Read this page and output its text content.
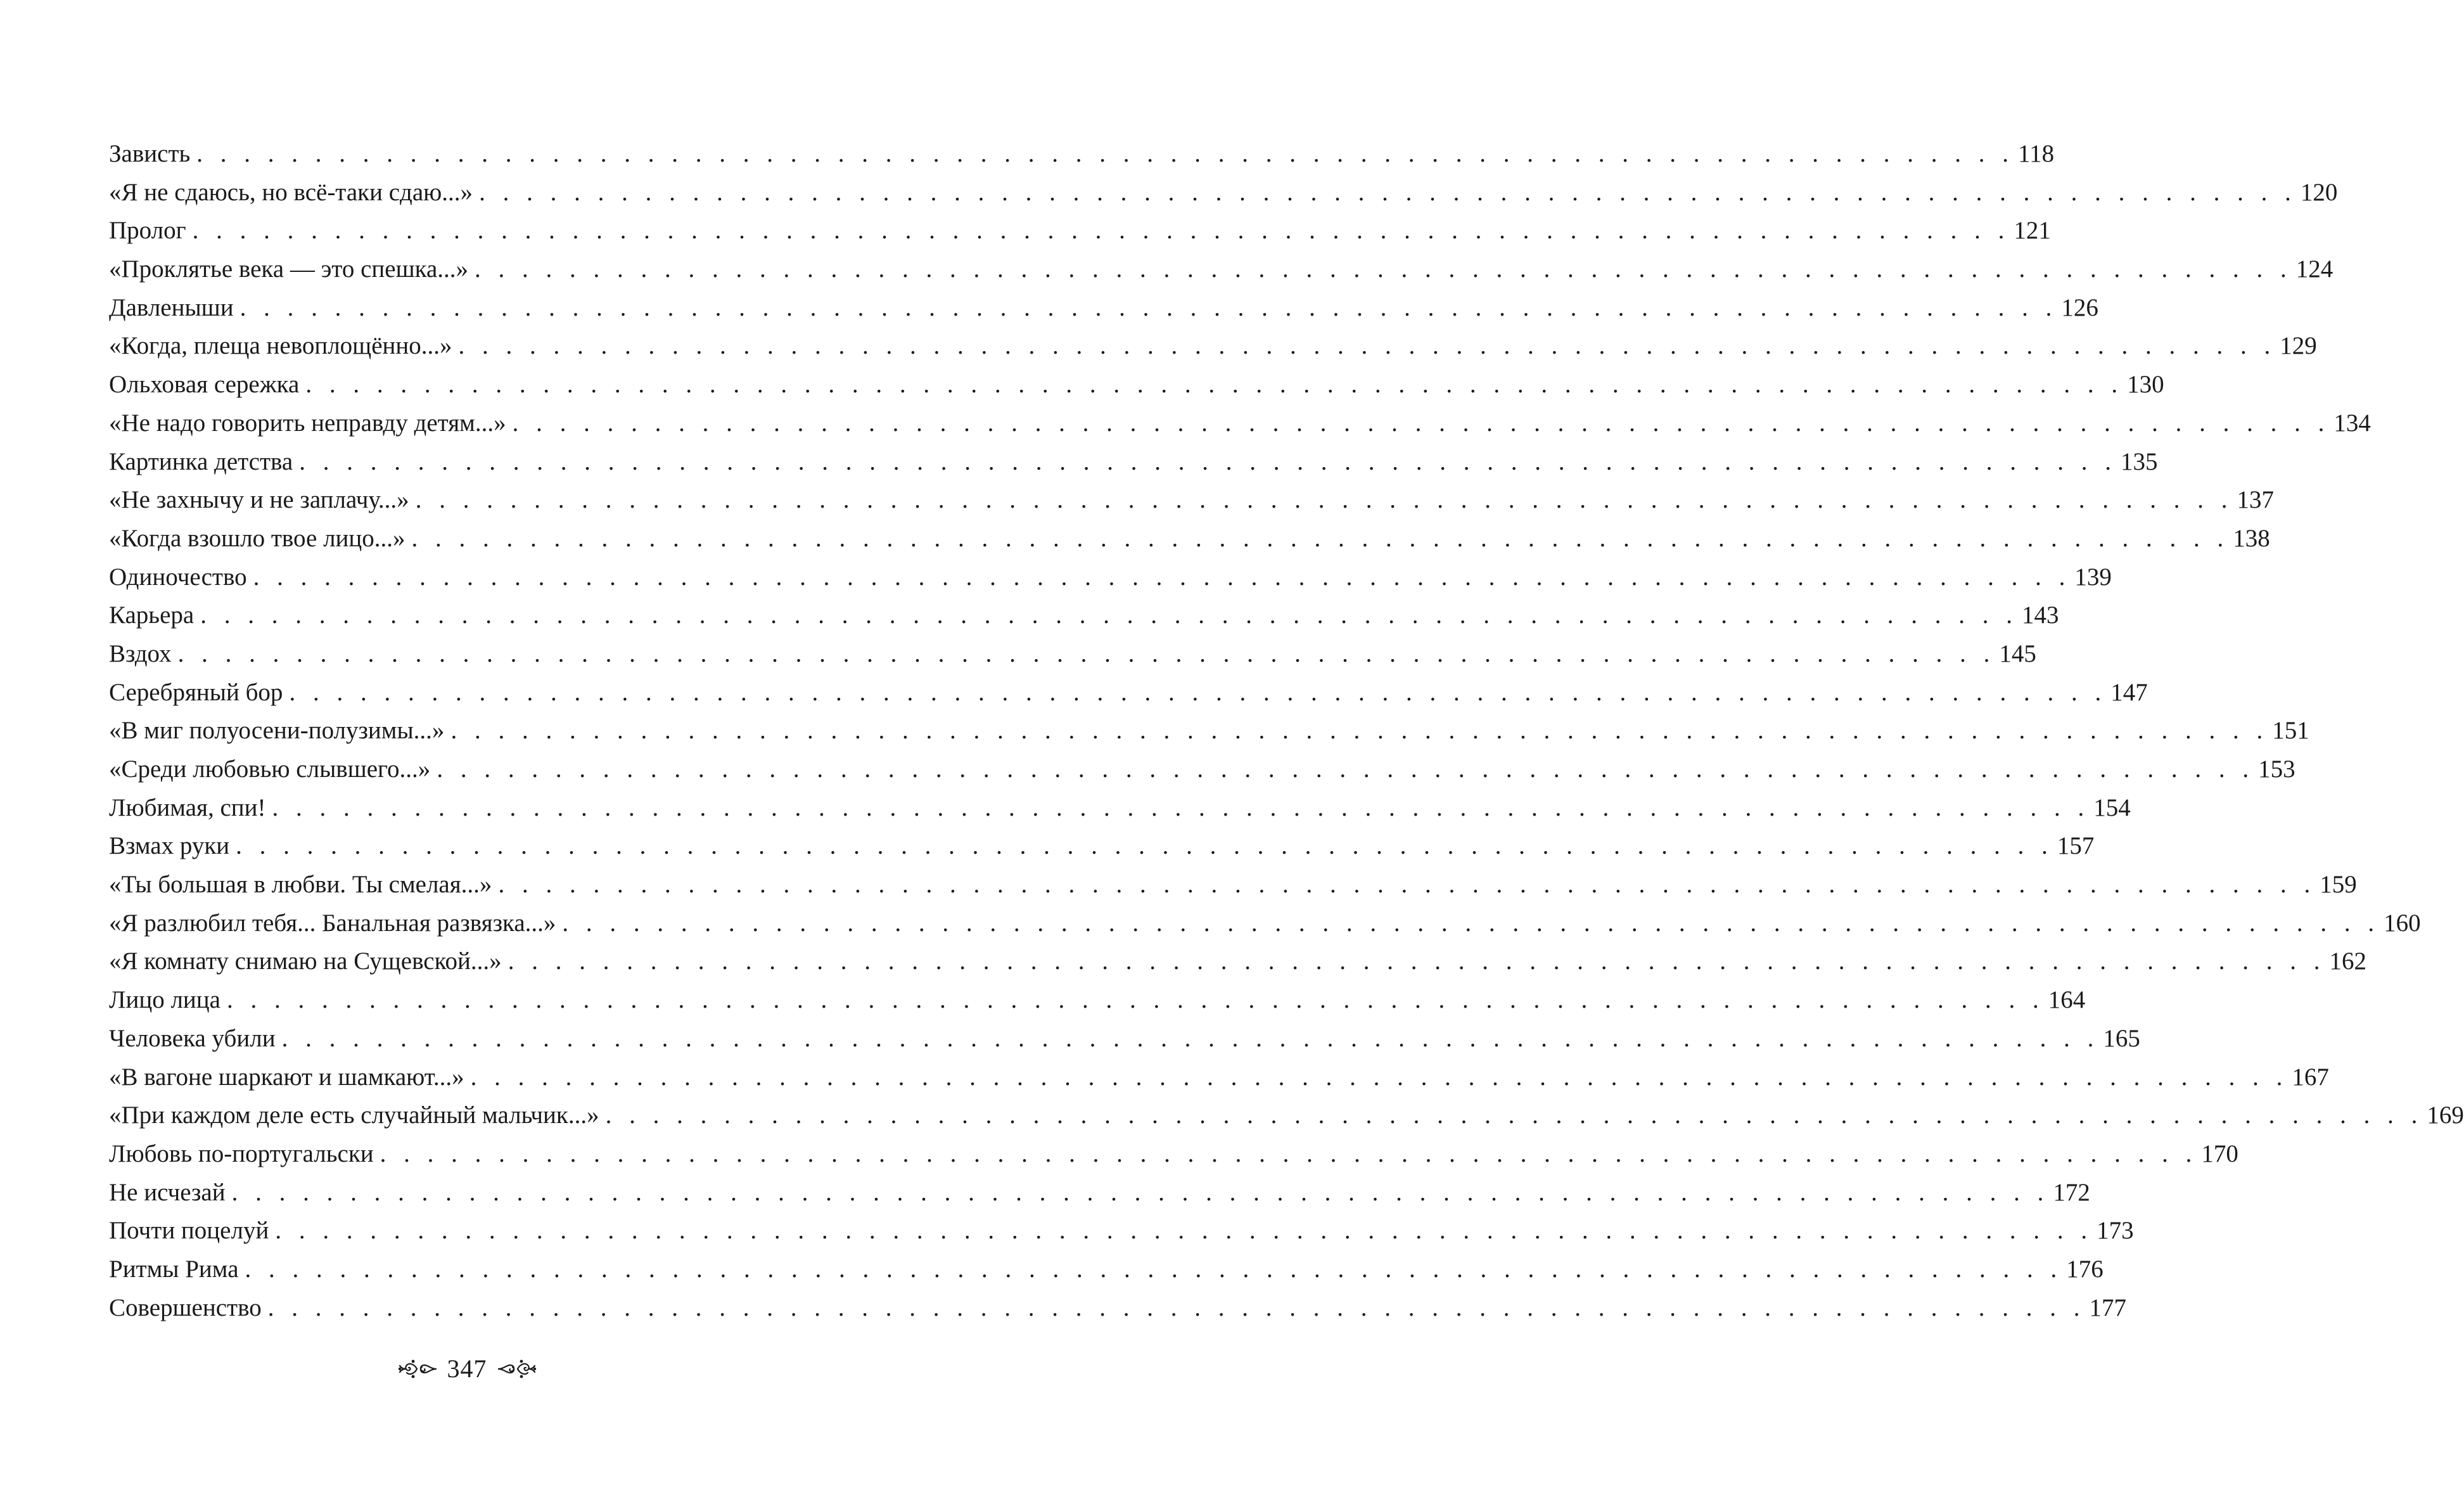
Зависть . . . . . . . . . . . . . . . . . . . . . . . . . . . . . . . . . . . . . . . . . . . . . . . . . . . . . . . . . . . . . . . . . . . . . . . . . . . . . 118
«Я не сдаюсь, но всё-таки сдаю...» . . . . . . . . . . . . . . . . . . . . . . . . . . . . . . . . . . . . . . . . . . . . . . . . . . . . . . . . . . . . . . . . . . . . . . . . . . . . . 120
Пролог . . . . . . . . . . . . . . . . . . . . . . . . . . . . . . . . . . . . . . . . . . . . . . . . . . . . . . . . . . . . . . . . . . . . . . . . . . . . . 121
«Проклятье века — это спешка...» . . . . . . . . . . . . . . . . . . . . . . . . . . . . . . . . . . . . . . . . . . . . . . . . . . . . . . . . . . . . . . . . . . . . . . . . . . . . . 124
Давленыши . . . . . . . . . . . . . . . . . . . . . . . . . . . . . . . . . . . . . . . . . . . . . . . . . . . . . . . . . . . . . . . . . . . . . . . . . . . . . 126
«Когда, плеща невоплощённо...» . . . . . . . . . . . . . . . . . . . . . . . . . . . . . . . . . . . . . . . . . . . . . . . . . . . . . . . . . . . . . . . . . . . . . . . . . . . . . 129
Ольховая сережка . . . . . . . . . . . . . . . . . . . . . . . . . . . . . . . . . . . . . . . . . . . . . . . . . . . . . . . . . . . . . . . . . . . . . . . . . . . . . 130
«Не надо говорить неправду детям...» . . . . . . . . . . . . . . . . . . . . . . . . . . . . . . . . . . . . . . . . . . . . . . . . . . . . . . . . . . . . . . . . . . . . . . . . . . . . . 134
Картинка детства . . . . . . . . . . . . . . . . . . . . . . . . . . . . . . . . . . . . . . . . . . . . . . . . . . . . . . . . . . . . . . . . . . . . . . . . . . . . . 135
«Не захнычу и не заплачу...» . . . . . . . . . . . . . . . . . . . . . . . . . . . . . . . . . . . . . . . . . . . . . . . . . . . . . . . . . . . . . . . . . . . . . . . . . . . . . 137
«Когда взошло твое лицо...» . . . . . . . . . . . . . . . . . . . . . . . . . . . . . . . . . . . . . . . . . . . . . . . . . . . . . . . . . . . . . . . . . . . . . . . . . . . . . 138
Одиночество . . . . . . . . . . . . . . . . . . . . . . . . . . . . . . . . . . . . . . . . . . . . . . . . . . . . . . . . . . . . . . . . . . . . . . . . . . . . . 139
Карьера . . . . . . . . . . . . . . . . . . . . . . . . . . . . . . . . . . . . . . . . . . . . . . . . . . . . . . . . . . . . . . . . . . . . . . . . . . . . . 143
Вздох . . . . . . . . . . . . . . . . . . . . . . . . . . . . . . . . . . . . . . . . . . . . . . . . . . . . . . . . . . . . . . . . . . . . . . . . . . . . . 145
Серебряный бор . . . . . . . . . . . . . . . . . . . . . . . . . . . . . . . . . . . . . . . . . . . . . . . . . . . . . . . . . . . . . . . . . . . . . . . . . . . . . 147
«В миг полуосени-полузимы...» . . . . . . . . . . . . . . . . . . . . . . . . . . . . . . . . . . . . . . . . . . . . . . . . . . . . . . . . . . . . . . . . . . . . . . . . . . . . . 151
«Среди любовью слывшего...» . . . . . . . . . . . . . . . . . . . . . . . . . . . . . . . . . . . . . . . . . . . . . . . . . . . . . . . . . . . . . . . . . . . . . . . . . . . . . 153
Любимая, спи! . . . . . . . . . . . . . . . . . . . . . . . . . . . . . . . . . . . . . . . . . . . . . . . . . . . . . . . . . . . . . . . . . . . . . . . . . . . . . 154
Взмах руки . . . . . . . . . . . . . . . . . . . . . . . . . . . . . . . . . . . . . . . . . . . . . . . . . . . . . . . . . . . . . . . . . . . . . . . . . . . . . 157
«Ты большая в любви. Ты смелая...» . . . . . . . . . . . . . . . . . . . . . . . . . . . . . . . . . . . . . . . . . . . . . . . . . . . . . . . . . . . . . . . . . . . . . . . . . . . . . 159
«Я разлюбил тебя... Банальная развязка...» . . . . . . . . . . . . . . . . . . . . . . . . . . . . . . . . . . . . . . . . . . . . . . . . . . . . . . . . . . . . . . . . . . . . . . . . . . . . . 160
«Я комнату снимаю на Сущевской...» . . . . . . . . . . . . . . . . . . . . . . . . . . . . . . . . . . . . . . . . . . . . . . . . . . . . . . . . . . . . . . . . . . . . . . . . . . . . . 162
Лицо лица . . . . . . . . . . . . . . . . . . . . . . . . . . . . . . . . . . . . . . . . . . . . . . . . . . . . . . . . . . . . . . . . . . . . . . . . . . . . . 164
Человека убили . . . . . . . . . . . . . . . . . . . . . . . . . . . . . . . . . . . . . . . . . . . . . . . . . . . . . . . . . . . . . . . . . . . . . . . . . . . . . 165
«В вагоне шаркают и шамкают...» . . . . . . . . . . . . . . . . . . . . . . . . . . . . . . . . . . . . . . . . . . . . . . . . . . . . . . . . . . . . . . . . . . . . . . . . . . . . . 167
«При каждом деле есть случайный мальчик...» . . . . . . . . . . . . . . . . . . . . . . . . . . . . . . . . . . . . . . . . . . . . . . . . . . . . . . . . . . . . . . . . . . . . . . . . . . . . . 169
Любовь по-португальски . . . . . . . . . . . . . . . . . . . . . . . . . . . . . . . . . . . . . . . . . . . . . . . . . . . . . . . . . . . . . . . . . . . . . . . . . . . . . 170
Не исчезай . . . . . . . . . . . . . . . . . . . . . . . . . . . . . . . . . . . . . . . . . . . . . . . . . . . . . . . . . . . . . . . . . . . . . . . . . . . . . 172
Почти поцелуй . . . . . . . . . . . . . . . . . . . . . . . . . . . . . . . . . . . . . . . . . . . . . . . . . . . . . . . . . . . . . . . . . . . . . . . . . . . . . 173
Ритмы Рима . . . . . . . . . . . . . . . . . . . . . . . . . . . . . . . . . . . . . . . . . . . . . . . . . . . . . . . . . . . . . . . . . . . . . . . . . . . . . 176
Совершенство . . . . . . . . . . . . . . . . . . . . . . . . . . . . . . . . . . . . . . . . . . . . . . . . . . . . . . . . . . . . . . . . . . . . . . . . . . . . . 177
347
